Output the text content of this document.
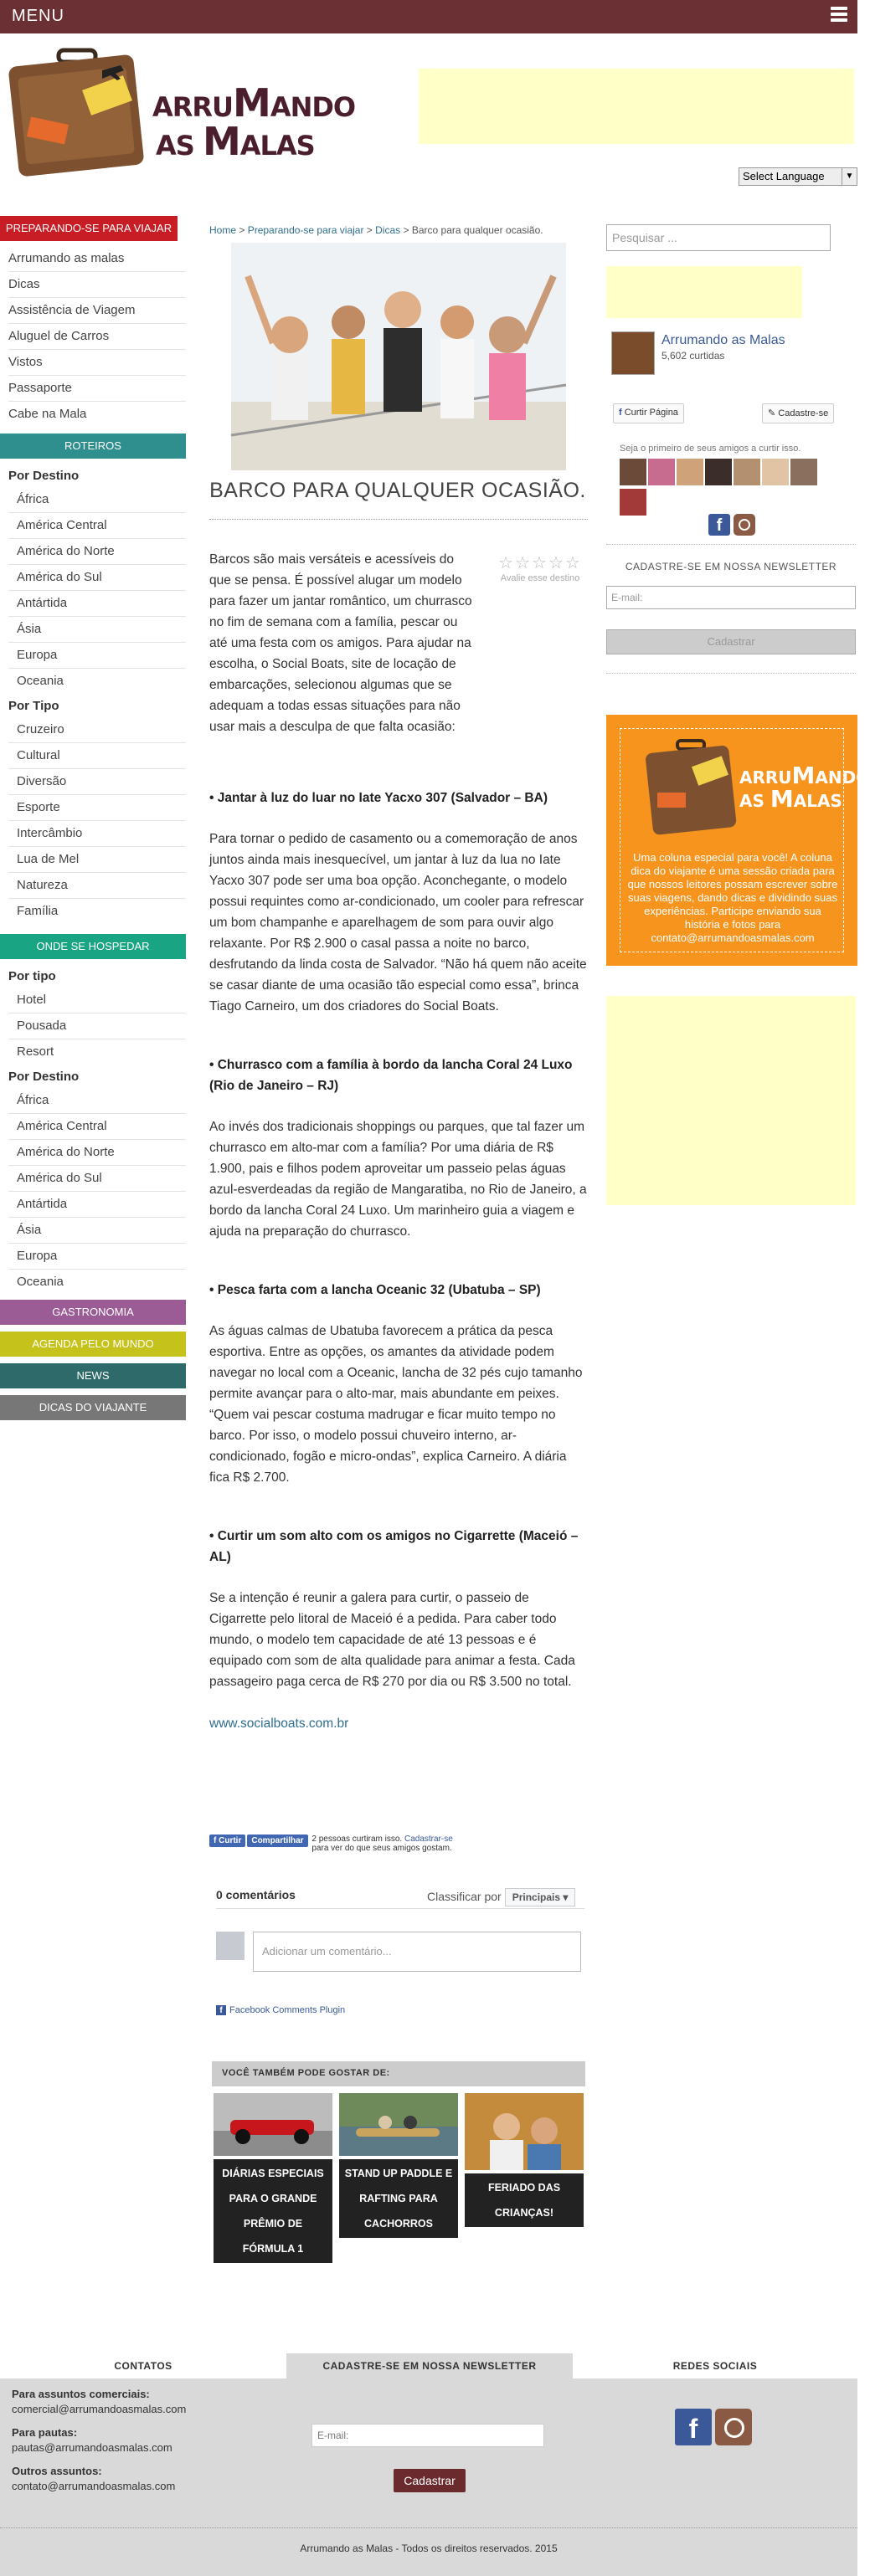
MENU
ARRUMANDO
AS MALAS
Select Language	▼
PREPARANDO-SE PARA VIAJAR
Arrumando as malas
Dicas
Assistência de Viagem
Aluguel de Carros
Vistos
Passaporte
Cabe na Mala
ROTEIROS
Por Destino
África
América Central
América do Norte
América do Sul
Antártida
Ásia
Europa
Oceania
Por Tipo
Cruzeiro
Cultural
Diversão
Esporte
Intercâmbio
Lua de Mel
Natureza
Família
ONDE SE HOSPEDAR
Por tipo
Hotel
Pousada
Resort
Por Destino
África
América Central
América do Norte
América do Sul
Antártida
Ásia
Europa
Oceania
GASTRONOMIA
AGENDA PELO MUNDO
NEWS
DICAS DO VIAJANTE
Home > Preparando-se para viajar > Dicas > Barco para qualquer ocasião.
BARCO PARA QUALQUER OCASIÃO.
☆☆☆☆☆
Avalie esse destino

Barcos são mais versáteis e acessíveis do que se pensa. É possível alugar um modelo para fazer um jantar romântico, um churrasco no fim de semana com a família, pescar ou até uma festa com os amigos. Para ajudar na escolha, o Social Boats, site de locação de embarcações, selecionou algumas que se adequam a todas essas situações para não usar mais a desculpa de que falta ocasião:

• Jantar à luz do luar no Iate Yacxo 307 (Salvador – BA)

Para tornar o pedido de casamento ou a comemoração de anos juntos ainda mais inesquecível, um jantar à luz da lua no Iate Yacxo 307 pode ser uma boa opção. Aconchegante, o modelo possui requintes como ar-condicionado, um cooler para refrescar um bom champanhe e aparelhagem de som para ouvir algo relaxante. Por R$ 2.900 o casal passa a noite no barco, desfrutando da linda costa de Salvador. “Não há quem não aceite se casar diante de uma ocasião tão especial como essa”, brinca Tiago Carneiro, um dos criadores do Social Boats.

• Churrasco com a família à bordo da lancha Coral 24 Luxo (Rio de Janeiro – RJ)

Ao invés dos tradicionais shoppings ou parques, que tal fazer um churrasco em alto-mar com a família? Por uma diária de R$ 1.900, pais e filhos podem aproveitar um passeio pelas águas azul-esverdeadas da região de Mangaratiba, no Rio de Janeiro, a bordo da lancha Coral 24 Luxo. Um marinheiro guia a viagem e ajuda na preparação do churrasco.

• Pesca farta com a lancha Oceanic 32 (Ubatuba – SP)

As águas calmas de Ubatuba favorecem a prática da pesca esportiva. Entre as opções, os amantes da atividade podem navegar no local com a Oceanic, lancha de 32 pés cujo tamanho permite avançar para o alto-mar, mais abundante em peixes. “Quem vai pescar costuma madrugar e ficar muito tempo no barco. Por isso, o modelo possui chuveiro interno, ar-condicionado, fogão e micro-ondas”, explica Carneiro. A diária fica R$ 2.700.

• Curtir um som alto com os amigos no Cigarrette (Maceió – AL)

Se a intenção é reunir a galera para curtir, o passeio de Cigarrette pelo litoral de Maceió é a pedida. Para caber todo mundo, o modelo tem capacidade de até 13 pessoas e é equipado com som de alta qualidade para animar a festa. Cada passageiro paga cerca de R$ 270 por dia ou R$ 3.500 no total.

www.socialboats.com.br

f Curtir Compartilhar 2 pessoas curtiram isso. Cadastrar-se para ver do que seus amigos gostam.
0 comentários	Classificar por Principais ▾
Adicionar um comentário...
f Facebook Comments Plugin
VOCÊ TAMBÉM PODE GOSTAR DE:
DIÁRIAS ESPECIAIS PARA O GRANDE PRÊMIO DE FÓRMULA 1
STAND UP PADDLE E RAFTING PARA CACHORROS
FERIADO DAS CRIANÇAS!
Pesquisar ...
Arrumando as Malas
5,602 curtidas
f Curtir Página	✎ Cadastre-se
Seja o primeiro de seus amigos a curtir isso.
f
CADASTRE-SE EM NOSSA NEWSLETTER
E-mail:
Cadastrar
ARRUMANDO
AS MALAS
Uma coluna especial para você! A coluna dica do viajante é uma sessão criada para que nossos leitores possam escrever sobre suas viagens, dando dicas e dividindo suas experiências. Participe enviando sua história e fotos para contato@arrumandoasmalas.com
CONTATOS	CADASTRE-SE EM NOSSA NEWSLETTER	REDES SOCIAIS
Para assuntos comerciais:
comercial@arrumandoasmalas.com
Para pautas:
pautas@arrumandoasmalas.com
Outros assuntos:
contato@arrumandoasmalas.com
E-mail:
Cadastrar
f
Arrumando as Malas - Todos os direitos reservados. 2015
